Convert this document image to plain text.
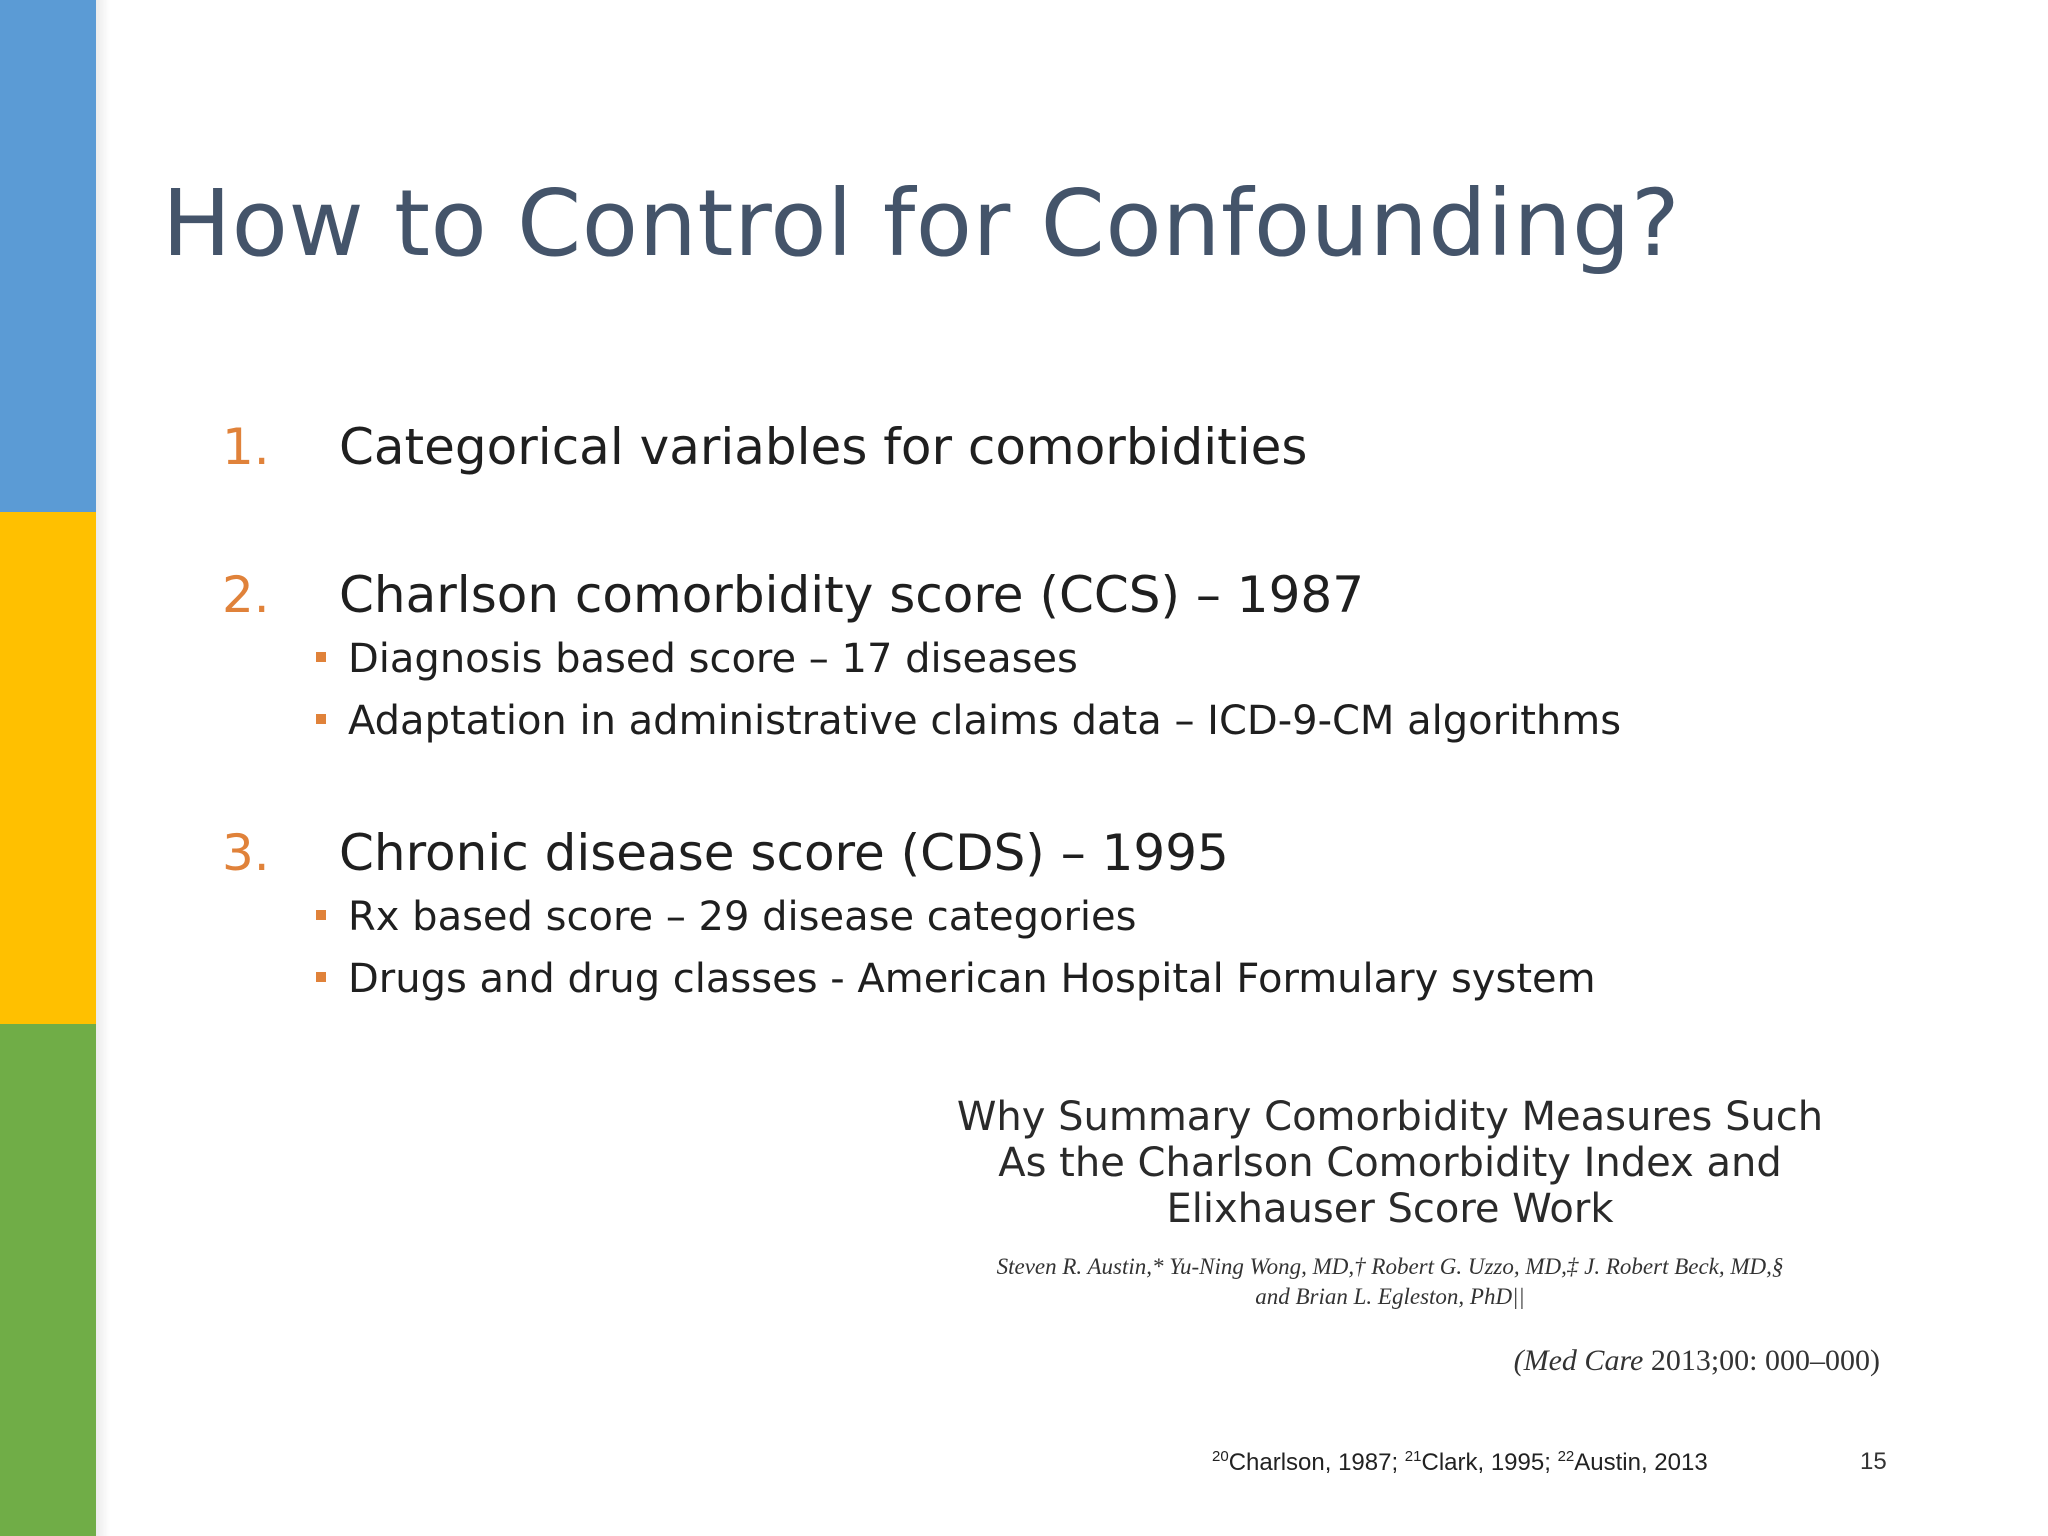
How to Control for Confounding?
1. Categorical variables for comorbidities
2. Charlson comorbidity score (CCS) – 1987
Diagnosis based score – 17 diseases
Adaptation in administrative claims data – ICD-9-CM algorithms
3. Chronic disease score (CDS) – 1995
Rx based score – 29 disease categories
Drugs and drug classes - American Hospital Formulary system
Why Summary Comorbidity Measures Such
As the Charlson Comorbidity Index and
Elixhauser Score Work
Steven R. Austin,* Yu-Ning Wong, MD,† Robert G. Uzzo, MD,‡ J. Robert Beck, MD,§
and Brian L. Egleston, PhD||
(Med Care 2013;00: 000–000)
$^{20}$Charlson, 1987; $^{21}$Clark, 1995; $^{22}$Austin, 2013	15
